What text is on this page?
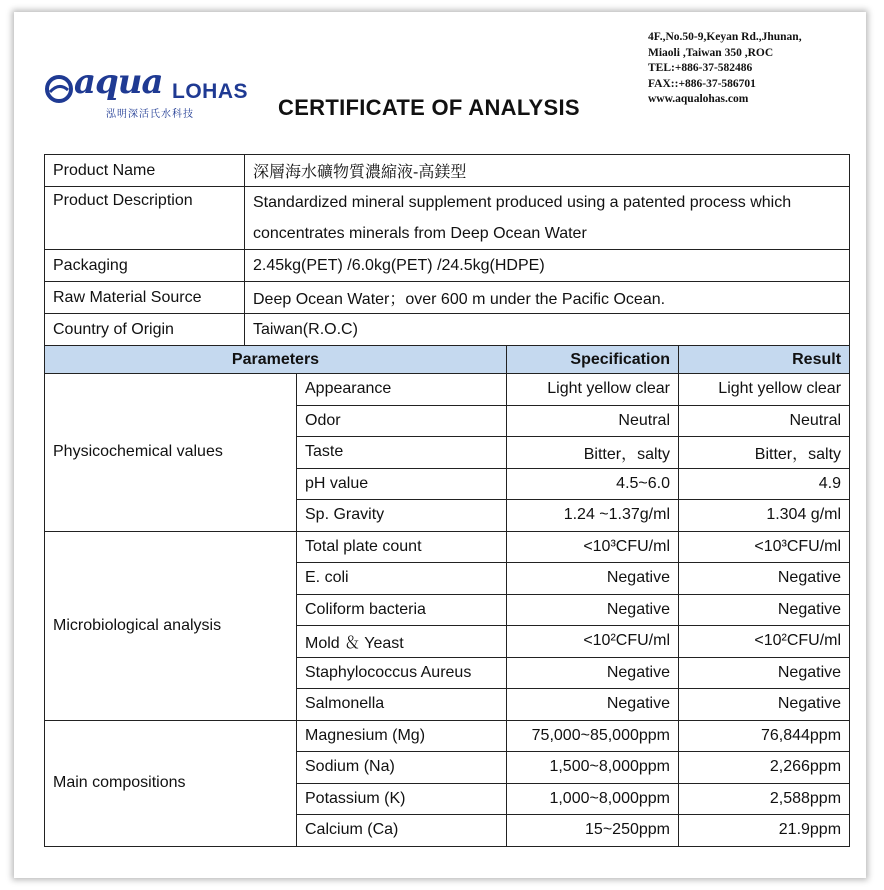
aqua LOHAS
泓明深活氏水科技	CERTIFICATE OF ANALYSIS
4F.,No.50-9,Keyan Rd.,Jhunan,
Miaoli ,Taiwan 350 ,ROC
TEL:+886-37-582486
FAX::+886-37-586701
www.aqualohas.com
Product Name	深層海水礦物質濃縮液-高鎂型			
Product Description	Standardized mineral supplement produced using a patented process which concentrates minerals from Deep Ocean Water			
Packaging	2.45kg(PET) /6.0kg(PET) /24.5kg(HDPE)			
Raw Material Source	Deep Ocean Water；over 600 m under the Pacific Ocean.			
Country of Origin	Taiwan(R.O.C)			
Parameters			Specification	Result
Physicochemical values		Appearance	Light yellow clear	Light yellow clear
		Odor	Neutral	Neutral
		Taste	Bitter，salty	Bitter，salty
		pH value	4.5~6.0	4.9
		Sp. Gravity	1.24 ~1.37g/ml	1.304 g/ml
Microbiological analysis		Total plate count	<10³CFU/ml	<10³CFU/ml
		E. coli	Negative	Negative
		Coliform bacteria	Negative	Negative
		Mold ＆ Yeast	<10²CFU/ml	<10²CFU/ml
		Staphylococcus Aureus	Negative	Negative
		Salmonella	Negative	Negative
Main compositions		Magnesium (Mg)	75,000~85,000ppm	76,844ppm
		Sodium (Na)	1,500~8,000ppm	2,266ppm
		Potassium (K)	1,000~8,000ppm	2,588ppm
		Calcium (Ca)	15~250ppm	21.9ppm
